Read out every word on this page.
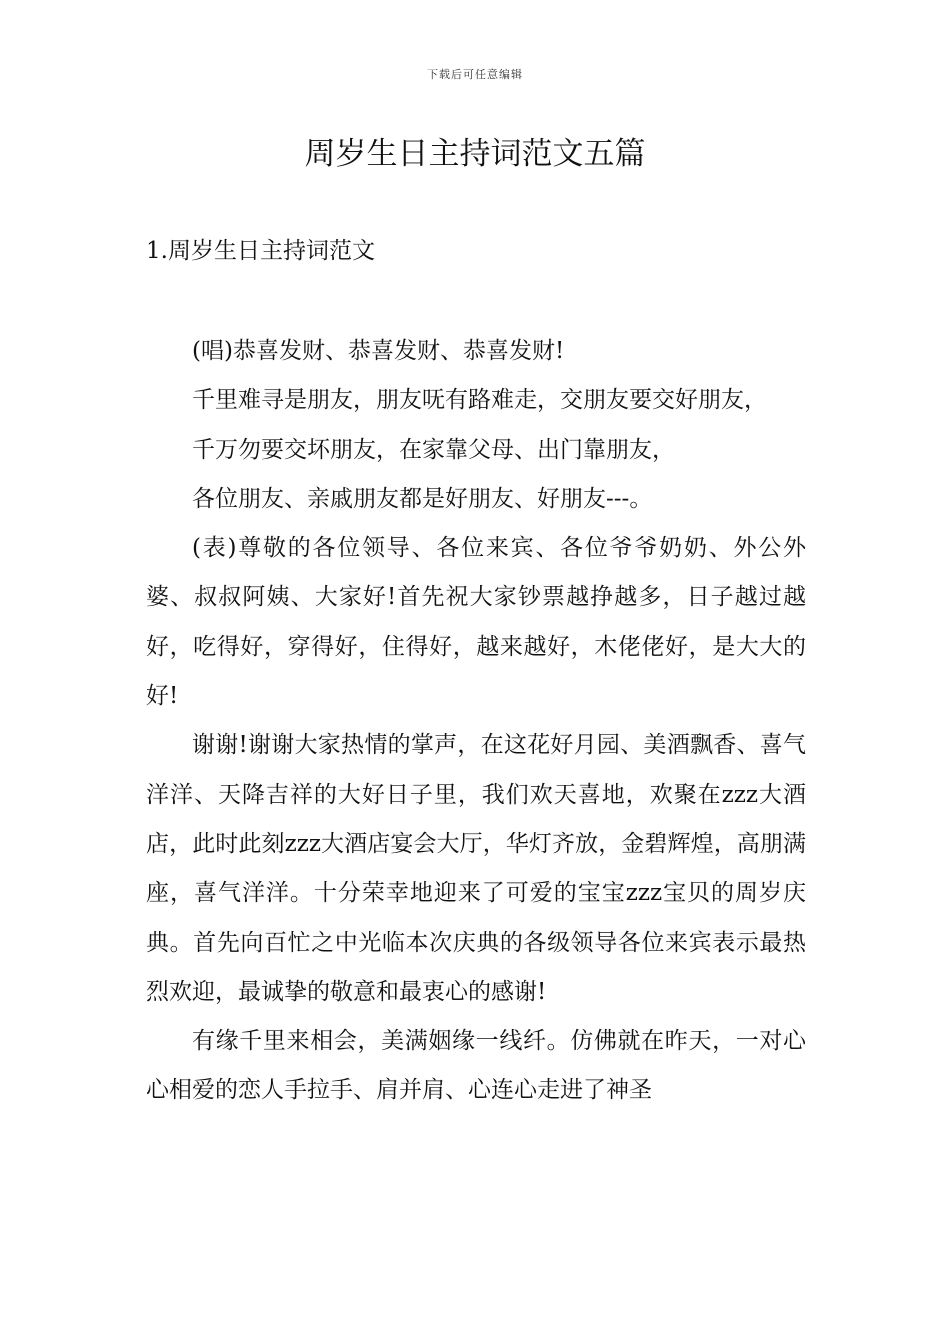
下载后可任意编辑
周岁生日主持词范文五篇
1.周岁生日主持词范文

(唱)恭喜发财、恭喜发财、恭喜发财!

千里难寻是朋友，朋友呒有路难走，交朋友要交好朋友，

千万勿要交坏朋友，在家靠父母、出门靠朋友，

各位朋友、亲戚朋友都是好朋友、好朋友---。

(表)尊敬的各位领导、各位来宾、各位爷爷奶奶、外公外婆、叔叔阿姨、大家好!首先祝大家钞票越挣越多，日子越过越好，吃得好，穿得好，住得好，越来越好，木佬佬好，是大大的好!

谢谢!谢谢大家热情的掌声，在这花好月园、美酒飘香、喜气洋洋、天降吉祥的大好日子里，我们欢天喜地，欢聚在zzz大酒店，此时此刻zzz大酒店宴会大厅，华灯齐放，金碧辉煌，高朋满座，喜气洋洋。十分荣幸地迎来了可爱的宝宝zzz宝贝的周岁庆典。首先向百忙之中光临本次庆典的各级领导各位来宾表示最热烈欢迎，最诚挚的敬意和最衷心的感谢!

有缘千里来相会，美满姻缘一线纤。仿佛就在昨天，一对心心相爱的恋人手拉手、肩并肩、心连心走进了神圣
